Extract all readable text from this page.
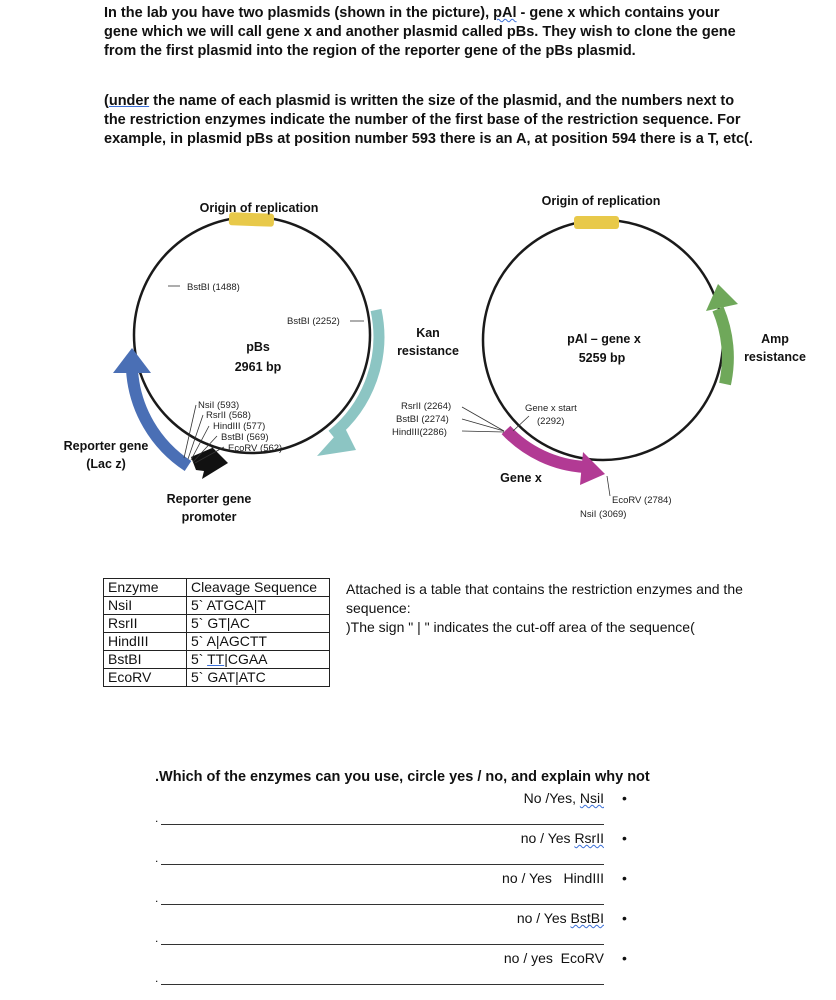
In the lab you have two plasmids (shown in the picture), pAl - gene x which contains your gene which we will call gene x and another plasmid called pBs. They wish to clone the gene from the first plasmid into the region of the reporter gene of the pBs plasmid.
(under the name of each plasmid is written the size of the plasmid, and the numbers next to the restriction enzymes indicate the number of the first base of the restriction sequence. For example, in plasmid pBs at position number 593 there is an A, at position 594 there is a T, etc(.
Origin of replication
Kan
resistance
Reporter gene
(Lac z)
Reporter gene
promoter
pBs
2961 bp
BstBI (1488)
BstBI (2252)
NsiI (593)
RsrII (568)
HindIII (577)
BstBI (569)
EcoRV (562)
Origin of replication
Amp
resistance
Gene x
pAl – gene x
5259 bp
RsrII (2264)
BstBI (2274)
HindIII(2286)
Gene x start
(2292)
EcoRV (2784)
NsiI (3069)
Enzyme	Cleavage Sequence
NsiI	5` ATGCA|T
RsrII	5` GT|AC
HindIII	5` A|AGCTT
BstBI	5` TT|CGAA
EcoRV	5` GAT|ATC
Attached is a table that contains the restriction enzymes and the sequence:
)The sign " | " indicates the cut-off area of the sequence(
.Which of the enzymes can you use, circle yes / no, and explain why not
No /Yes, NsiI •
.
no / Yes RsrII •
.
no / Yes   HindIII •
.
no / Yes BstBI •
.
no / yes  EcoRV •
.
